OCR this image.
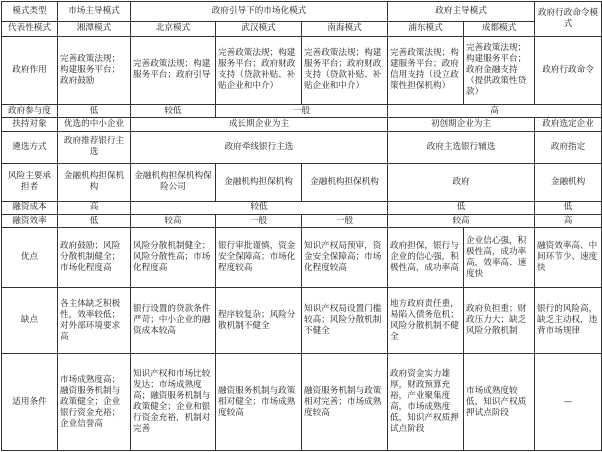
模式类型	市场主导模式	政府引导下的市场化模式			政府主导模式		政府行政命令模式
代表性模式	湘潭模式	北京模式	武汉模式	南海模式	浦东模式	成都模式	
政府作用	完善政策法规；构建服务平台；政府鼓励	完善政策法规；构建服务平台；政府引导	完善政策法规；构建服务平台；政府财政支持（贷款补贴、补贴企业和中介）	完善政策法规；构建服务平台；政府财政支持（贷款补贴、补贴企业和中介）	完善政策法规；构建服务平台；政府信用支持（设立政策性担保机构）	完善政策法规；构建服务平台；政府金融支持（提供政策性贷款）	政府行政命令
政府参与度	低	较低	一般		高		
扶持对象	优选的中小企业	成长期企业为主			初创期企业为主		政府选定企业
遴选方式	政府推荐银行主选	政府牵线银行主选			政府主选银行辅选		政府指定
风险主要承担者	金融机构担保机构	金融机构担保机构保险公司	金融机构担保机构	金融机构担保机构	政府		金融机构
融资成本	高	较低			低		低
融资效率	低	较高	一般	一般	较高		高
优点	政府鼓励；风险分散机制健全；市场化程度高	风险分散机制健全；风险分散性高；市场化程度高	银行审批谨慎，资金安全保障高；市场化程度较高	知识产权局预审，资金安全保障高；市场化程度较高	政府担保，银行与企业的信心强，积极性高，成功率高	企业信心强，积极性高，成功率高，效率高、速度快	融资效率高、中间环节少、速度快
缺点	各主体缺乏积极性，效率较低；对外部环境要求高	银行设置的贷款条件严苛；中小企业的融资成本较高	程序较复杂；风险分散机制不健全	知识产权局设置门槛较高；风险分散机制不健全	地方政府责任重，易陷入债务危机；风险分散机制不健全	政府负担重；财政压力大；缺乏风险分散机制	银行的风险高，缺乏主动权，违背市场规律
适用条件	市场成熟度高；融资服务机制与政策健全；企业银行资金充裕；企业信誉高	知识产权和市场比较发达；市场成熟度高；融资服务机制与政策健全；企业和银行资金充裕，机制对完善	融资服务机制与政策相对健全；市场成熟度较高	融资服务机制与政策相对完善；市场成熟度较高	政府资金实力雄厚，财政预算充裕，产业聚集度高，市场成熟度低，知识产权质押试点阶段	市场成熟度较低，知识产权质押试点阶段	—
